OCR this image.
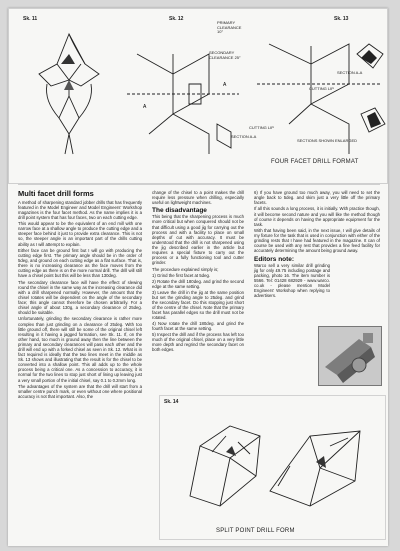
Sk. 11	Sk. 12	Sk. 13
A
A
PRIMARY CLEARANCE 10°
SECONDARY CLEARANCE 25°
SECTION A-A
SECTION A-A
CUTTING LIP
CUTTING LIP
SECTIONS SHOWN ENLARGED
FOUR FACET DRILL FORMAT
Multi facet drill forms

A method of sharpening standard jobber drills that has frequently featured in the Model Engineer and Model Engineers' Workshop magazines is the four facet method. As the name implies it is a drill point system that has four faces, two on each cutting edge.

This would appear to be the equivalent of an end mill with one narrow face at a shallow angle to produce the cutting edge and a steeper face behind it just to provide extra clearance. This is not so, the steeper angle is an important part of the drills cutting ability as I will attempt to explain.

Either face can be ground first but I will go with producing the cutting edge first. The primary angle should be in the order of 5deg, and ground on each cutting edge as a flat surface. That is, there is no increasing clearance as the face moves from the cutting edge as there is on the more normal drill. The drill will still have a chisel point but this will be less than 130deg.

The secondary clearance face will have the effect of slewing round the chisel in the same way as the increasing clearance did with a drill sharpened normally. However, the amount that the chisel rotates will be dependent on the angle of the secondary face; this angle cannot therefore be chosen arbitrarily. For a chisel angle of about 130g, a secondary clearance of 25deg. should be suitable.

Unfortunately, grinding the secondary clearance is rather more complex than just grinding on a clearance of 25deg. With too little ground off, there will still be some of the original chisel left resulting in it having a jagged formation, see Sk. 11. If, on the other hand, too much is ground away then the line between the primary and secondary clearances will pass each other and the drill will end up with a forked chisel as seen in Sk. 12. What is in fact required is ideally that the two lines meet in the middle as Sk. 13 shows and illustrating that the result is for the chisel to be converted into a shallow point. This all adds up to the whole process being a critical one. As a concession to accuracy, it is normal for the two lines to stop just short of lining up leaving just a very small portion of the initial chisel, say 0.1 to 0.2mm long.

The advantages of the system are that the drill will start from a smaller centre punch mark, or even without one where positional accuracy is not that important. Also, the

change of the chisel to a point makes the drill require less pressure when drilling, especially useful on lightweight machines.

The disadvantage

This being that the sharpening process is much more critical but when conquered should not be that difficult using a good jig for carrying out the process and with a facility to place on small depths of cut with accuracy. It must be understood that the drill is not sharpened using the jig described earlier in the article but requires a special fixture to carry out the process or a fully functioning tool and cutter grinder.

The procedure explained simply is;

1) Grind the first facet at 5deg.

2) Rotate the drill 180deg. and grind the second edge at the same setting.

3) Leave the drill in the jig at the same position but set the grinding angle to 25deg. and grind the secondary facet. Do this stopping just short of the centre of the chisel. Note that the primary facet has parallel edges so the drill must not be rotated.

4) Now rotate the drill 180deg. and grind the fourth facet at the same setting.

5) Inspect the drill and if the process has left too much of the original chisel, place on a very little more depth and regrind the secondary facet on both edges.

6) If you have ground too much away, you will need to set the angle back to 5deg. and skim just a very little off the primary facets.

If all this sounds a long process, it is initially. With practice though, it will become second nature and you will like the method though of course it depends on having the appropriate equipment for the task.

With that having been said, in the next issue, I will give details of my fixture for the task that is used in conjunction with either of the grinding rests that I have had featured in the magazine. It can of course be used with any rest that provides a fine feed facility for accurately determining the amount being ground away.

Editors note:

Warco sell a very similar drill grinding jig for only £9.75 including postage and packing, photo 16. The item number is 5566. Tel: 01428 682929 - www.warco. co.uk - please mention Model Engineers' Workshop when replying to advertisers.

Sk. 14
SPLIT POINT DRILL FORM
